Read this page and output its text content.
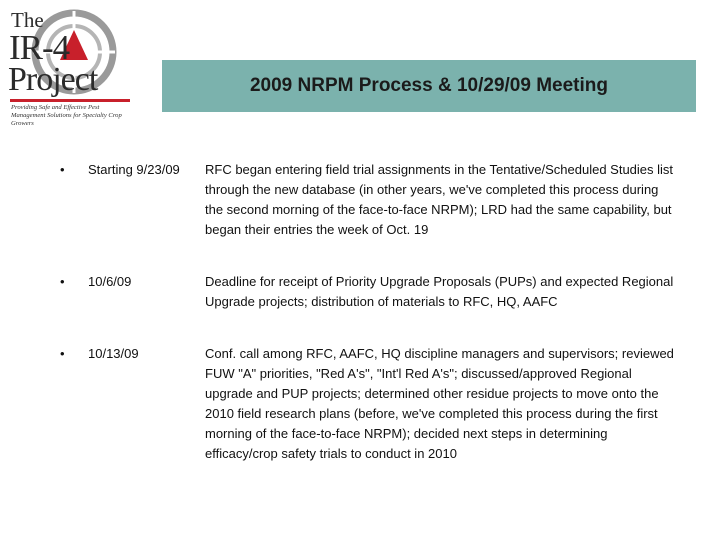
The
IR-4
Project
Providing Safe and Effective Pest Management Solutions for Specialty Crop Growers
2009 NRPM Process & 10/29/09 Meeting
• Starting 9/23/09 RFC began entering field trial assignments in the Tentative/Scheduled Studies list through the new database (in other years, we've completed this process during the second morning of the face-to-face NRPM); LRD had the same capability, but began their entries the week of Oct. 19
• 10/6/09	Deadline for receipt of Priority Upgrade Proposals (PUPs) and expected Regional Upgrade projects; distribution of materials to RFC, HQ, AAFC
• 10/13/09	Conf. call among RFC, AAFC, HQ discipline managers and supervisors; reviewed FUW "A" priorities, "Red A's", "Int'l Red A's"; discussed/approved Regional upgrade and PUP projects; determined other residue projects to move onto the 2010 field research plans (before, we've completed this process during the first morning of the face-to-face NRPM); decided next steps in determining efficacy/crop safety trials to conduct in 2010
